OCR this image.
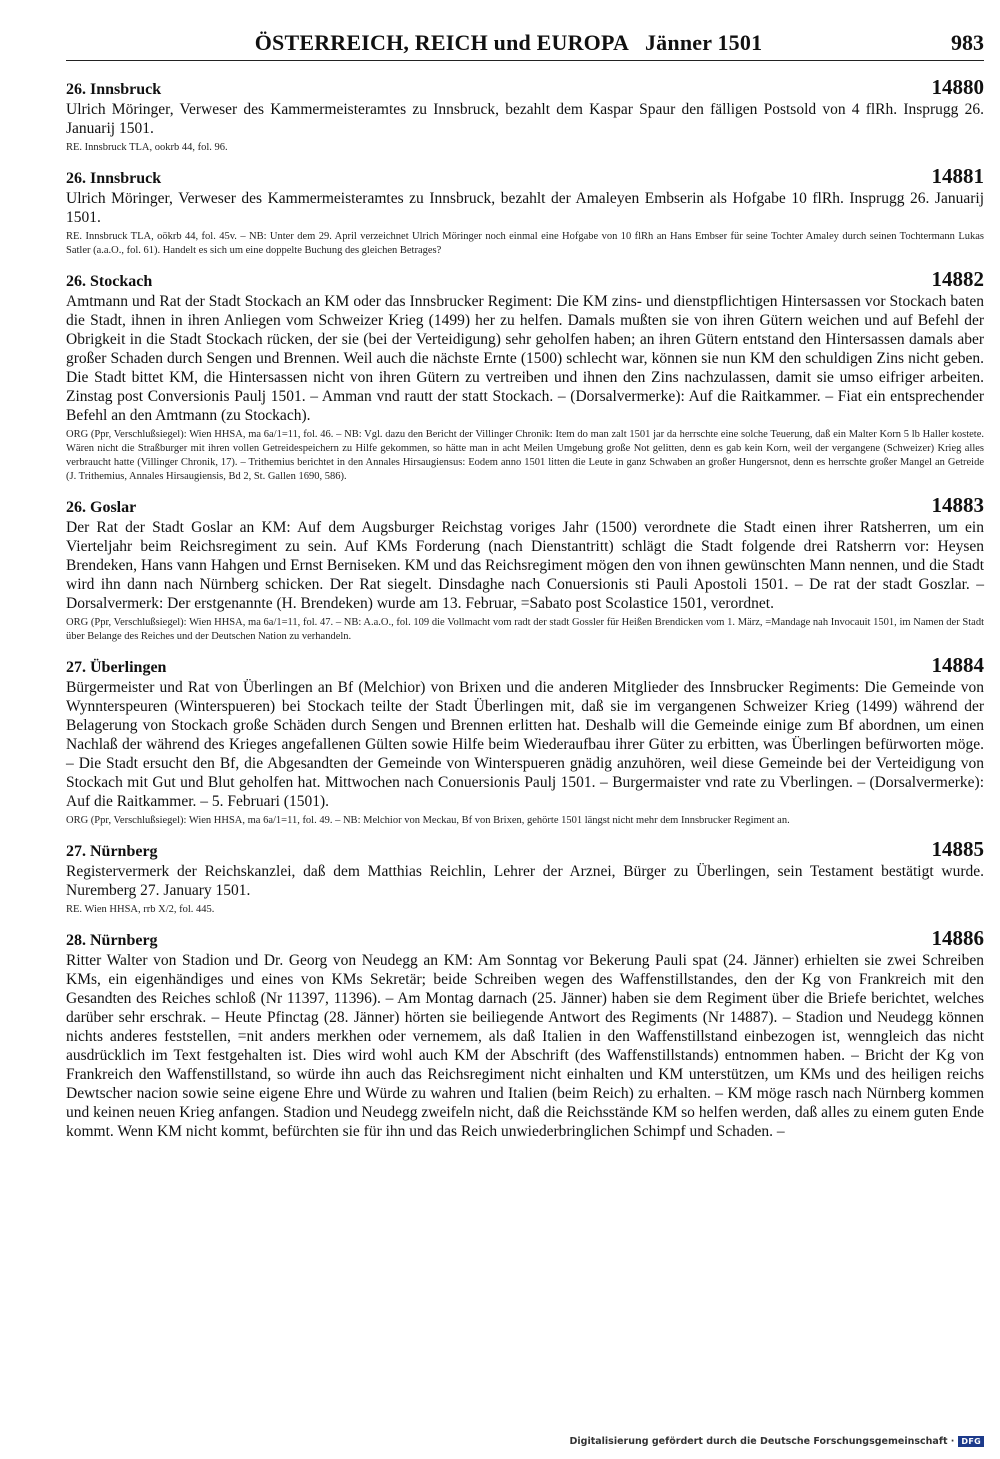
ÖSTERREICH, REICH und EUROPA   Jänner 1501	983
26. Innsbruck	14880

Ulrich Möringer, Verweser des Kammermeisteramtes zu Innsbruck, bezahlt dem Kaspar Spaur den fälligen Postsold von 4 flRh. Insprugg 26. Januarij 1501.

RE. Innsbruck TLA, ookrb 44, fol. 96.

26. Innsbruck	14881

Ulrich Möringer, Verweser des Kammermeisteramtes zu Innsbruck, bezahlt der Amaleyen Embserin als Hofgabe 10 flRh. Insprugg 26. Januarij 1501.

RE. Innsbruck TLA, oökrb 44, fol. 45v. – NB: Unter dem 29. April verzeichnet Ulrich Möringer noch einmal eine Hofgabe von 10 flRh an Hans Embser für seine Tochter Amaley durch seinen Tochtermann Lukas Satler (a.a.O., fol. 61). Handelt es sich um eine doppelte Buchung des gleichen Betrages?

26. Stockach	14882

Amtmann und Rat der Stadt Stockach an KM oder das Innsbrucker Regiment: Die KM zins- und dienstpflichtigen Hintersassen vor Stockach baten die Stadt, ihnen in ihren Anliegen vom Schweizer Krieg (1499) her zu helfen. Damals mußten sie von ihren Gütern weichen und auf Befehl der Obrigkeit in die Stadt Stockach rücken, der sie (bei der Verteidigung) sehr geholfen haben; an ihren Gütern entstand den Hintersassen damals aber großer Schaden durch Sengen und Brennen. Weil auch die nächste Ernte (1500) schlecht war, können sie nun KM den schuldigen Zins nicht geben. Die Stadt bittet KM, die Hintersassen nicht von ihren Gütern zu vertreiben und ihnen den Zins nachzulassen, damit sie umso eifriger arbeiten. Zinstag post Conversionis Paulj 1501. – Amman vnd rautt der statt Stockach. – (Dorsalvermerke): Auf die Raitkammer. – Fiat ein entsprechender Befehl an den Amtmann (zu Stockach).

ORG (Ppr, Verschlußsiegel): Wien HHSA, ma 6a/1=11, fol. 46. – NB: Vgl. dazu den Bericht der Villinger Chronik: Item do man zalt 1501 jar da herrschte eine solche Teuerung, daß ein Malter Korn 5 lb Haller kostete. Wären nicht die Straßburger mit ihren vollen Getreidespeichern zu Hilfe gekommen, so hätte man in acht Meilen Umgebung große Not gelitten, denn es gab kein Korn, weil der vergangene (Schweizer) Krieg alles verbraucht hatte (Villinger Chronik, 17). – Trithemius berichtet in den Annales Hirsaugiensus: Eodem anno 1501 litten die Leute in ganz Schwaben an großer Hungersnot, denn es herrschte großer Mangel an Getreide (J. Trithemius, Annales Hirsaugiensis, Bd 2, St. Gallen 1690, 586).

26. Goslar	14883

Der Rat der Stadt Goslar an KM: Auf dem Augsburger Reichstag voriges Jahr (1500) verordnete die Stadt einen ihrer Ratsherren, um ein Vierteljahr beim Reichsregiment zu sein. Auf KMs Forderung (nach Dienstantritt) schlägt die Stadt folgende drei Ratsherrn vor: Heysen Brendeken, Hans vann Hahgen und Ernst Berniseken. KM und das Reichsregiment mögen den von ihnen gewünschten Mann nennen, und die Stadt wird ihn dann nach Nürnberg schicken. Der Rat siegelt. Dinsdaghe nach Conuersionis sti Pauli Apostoli 1501. – De rat der stadt Goszlar. – Dorsalvermerk: Der erstgenannte (H. Brendeken) wurde am 13. Februar, =Sabato post Scolastice 1501, verordnet.

ORG (Ppr, Verschlußsiegel): Wien HHSA, ma 6a/1=11, fol. 47. – NB: A.a.O., fol. 109 die Vollmacht vom radt der stadt Gossler für Heißen Brendicken vom 1. März, =Mandage nah Invocauit 1501, im Namen der Stadt über Belange des Reiches und der Deutschen Nation zu verhandeln.

27. Überlingen	14884

Bürgermeister und Rat von Überlingen an Bf (Melchior) von Brixen und die anderen Mitglieder des Innsbrucker Regiments: Die Gemeinde von Wynnterspeuren (Winterspueren) bei Stockach teilte der Stadt Überlingen mit, daß sie im vergangenen Schweizer Krieg (1499) während der Belagerung von Stockach große Schäden durch Sengen und Brennen erlitten hat. Deshalb will die Gemeinde einige zum Bf abordnen, um einen Nachlaß der während des Krieges angefallenen Gülten sowie Hilfe beim Wiederaufbau ihrer Güter zu erbitten, was Überlingen befürworten möge. – Die Stadt ersucht den Bf, die Abgesandten der Gemeinde von Winterspueren gnädig anzuhören, weil diese Gemeinde bei der Verteidigung von Stockach mit Gut und Blut geholfen hat. Mittwochen nach Conuersionis Paulj 1501. – Burgermaister vnd rate zu Vberlingen. – (Dorsalvermerke): Auf die Raitkammer. – 5. Februari (1501).

ORG (Ppr, Verschlußsiegel): Wien HHSA, ma 6a/1=11, fol. 49. – NB: Melchior von Meckau, Bf von Brixen, gehörte 1501 längst nicht mehr dem Innsbrucker Regiment an.

27. Nürnberg	14885

Registervermerk der Reichskanzlei, daß dem Matthias Reichlin, Lehrer der Arznei, Bürger zu Überlingen, sein Testament bestätigt wurde. Nuremberg 27. January 1501.

RE. Wien HHSA, rrb X/2, fol. 445.

28. Nürnberg	14886

Ritter Walter von Stadion und Dr. Georg von Neudegg an KM: Am Sonntag vor Bekerung Pauli spat (24. Jänner) erhielten sie zwei Schreiben KMs, ein eigenhändiges und eines von KMs Sekretär; beide Schreiben wegen des Waffenstillstandes, den der Kg von Frankreich mit den Gesandten des Reiches schloß (Nr 11397, 11396). – Am Montag darnach (25. Jänner) haben sie dem Regiment über die Briefe berichtet, welches darüber sehr erschrak. – Heute Pfinctag (28. Jänner) hörten sie beiliegende Antwort des Regiments (Nr 14887). – Stadion und Neudegg können nichts anderes feststellen, =nit anders merkhen oder vernemem, als daß Italien in den Waffenstillstand einbezogen ist, wenngleich das nicht ausdrücklich im Text festgehalten ist. Dies wird wohl auch KM der Abschrift (des Waffenstillstands) entnommen haben. – Bricht der Kg von Frankreich den Waffenstillstand, so würde ihn auch das Reichsregiment nicht einhalten und KM unterstützen, um KMs und des heiligen reichs Dewtscher nacion sowie seine eigene Ehre und Würde zu wahren und Italien (beim Reich) zu erhalten. – KM möge rasch nach Nürnberg kommen und keinen neuen Krieg anfangen. Stadion und Neudegg zweifeln nicht, daß die Reichsstände KM so helfen werden, daß alles zu einem guten Ende kommt. Wenn KM nicht kommt, befürchten sie für ihn und das Reich unwiederbringlichen Schimpf und Schaden. –

Digitalisierung gefördert durch die Deutsche Forschungsgemeinschaft · DFG
